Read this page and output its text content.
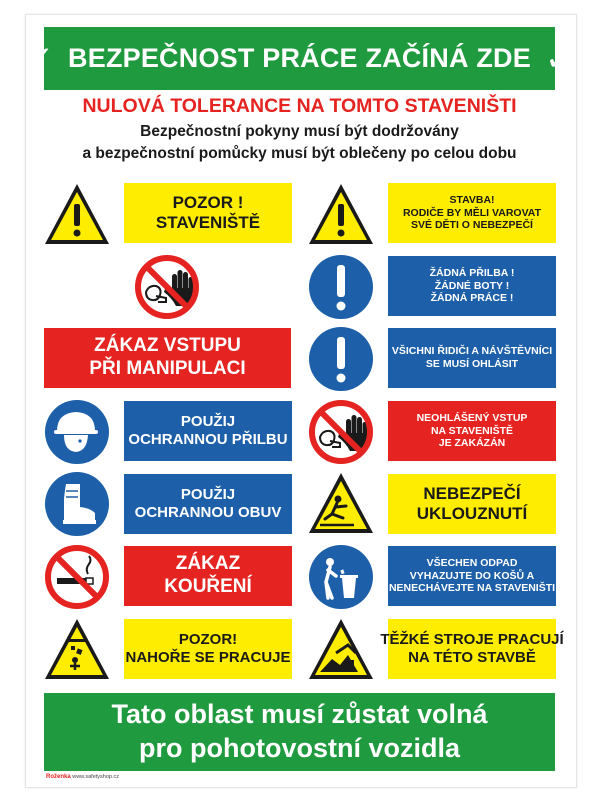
✓ BEZPEČNOST PRÁCE ZAČÍNÁ ZDE ✓
NULOVÁ TOLERANCE NA TOMTO STAVENIŠTI
Bezpečnostní pokyny musí být dodržovány
a bezpečnostní pomůcky musí být oblečeny po celou dobu
POZOR !
STAVENIŠTĚ
STAVBA!
RODIČE BY MĚLI VAROVAT
SVÉ DĚTI O NEBEZPEČÍ
ŽÁDNÁ PŘILBA !
ŽÁDNÉ BOTY !
ŽÁDNÁ PRÁCE !
ZÁKAZ VSTUPU
PŘI MANIPULACI
VŠICHNI ŘIDIČI A NÁVŠTĚVNÍCI
SE MUSÍ OHLÁSIT
POUŽIJ
OCHRANNOU PŘILBU
NEOHLÁŠENÝ VSTUP
NA STAVENIŠTĚ
JE ZAKÁZÁN
POUŽIJ
OCHRANNOU OBUV
NEBEZPEČÍ
UKLOUZNUTÍ
ZÁKAZ
KOUŘENÍ
VŠECHEN ODPAD
VYHAZUJTE DO KOŠŮ A
NENECHÁVEJTE NA STAVENIŠTI
POZOR!
NAHOŘE SE PRACUJE
TĚŽKÉ STROJE PRACUJÍ
NA TÉTO STAVBĚ
Tato oblast musí zůstat volná
pro pohotovostní vozidla
Roženka www.safetyshop.cz
